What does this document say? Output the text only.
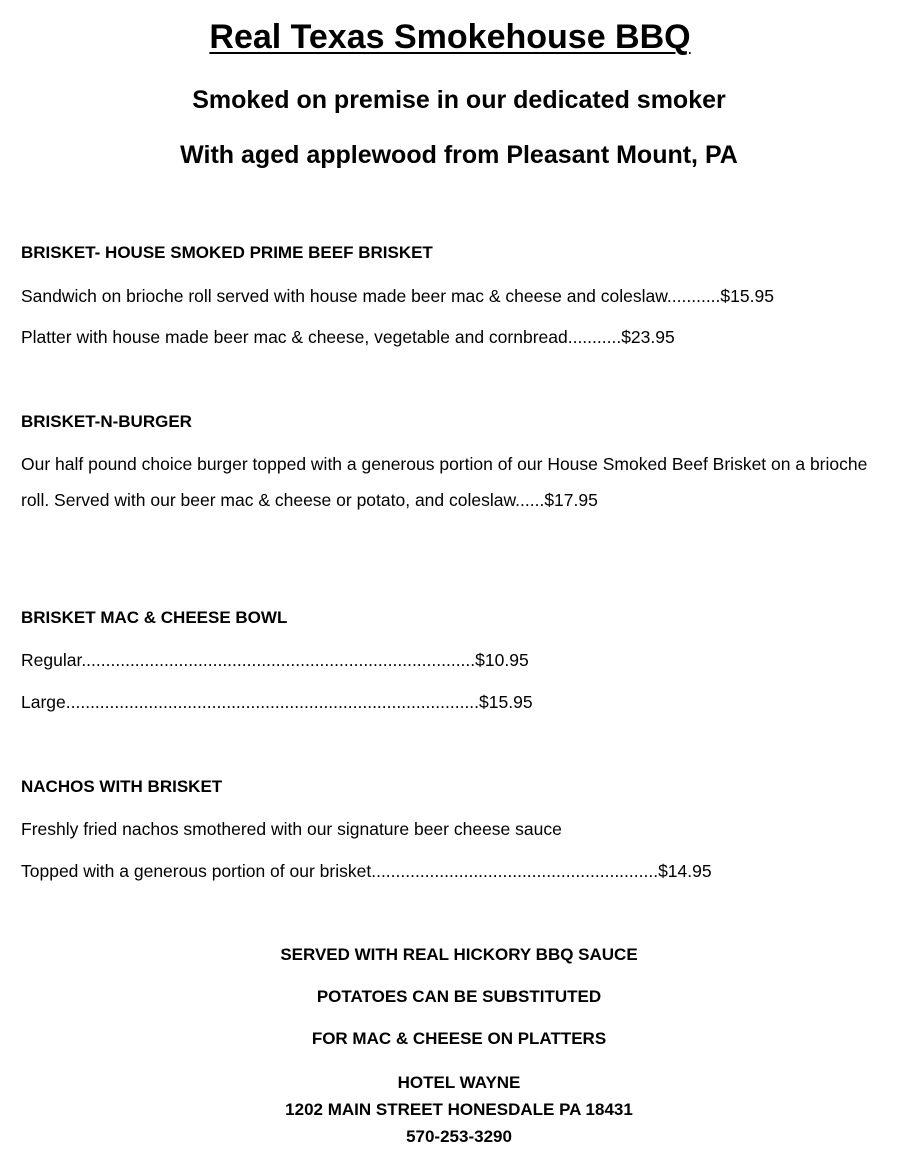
Real Texas Smokehouse BBQ
Smoked on premise in our dedicated smoker
With aged applewood from Pleasant Mount, PA
BRISKET- HOUSE SMOKED PRIME BEEF BRISKET
Sandwich on brioche roll served with house made beer mac & cheese and coleslaw...........$15.95
Platter with house made beer mac & cheese, vegetable and cornbread...........$23.95
BRISKET-N-BURGER
Our half pound choice burger topped with a generous portion of our House Smoked Beef Brisket on a brioche roll. Served with our beer mac & cheese or potato, and coleslaw......$17.95
BRISKET MAC & CHEESE BOWL
Regular.................................................................................$10.95
Large.....................................................................................$15.95
NACHOS WITH BRISKET
Freshly fried nachos smothered with our signature beer cheese sauce
Topped with a generous portion of our brisket...........................................................$14.95
SERVED WITH REAL HICKORY BBQ SAUCE
POTATOES CAN BE SUBSTITUTED
FOR MAC & CHEESE ON PLATTERS
HOTEL WAYNE
1202 MAIN STREET HONESDALE PA 18431
570-253-3290
